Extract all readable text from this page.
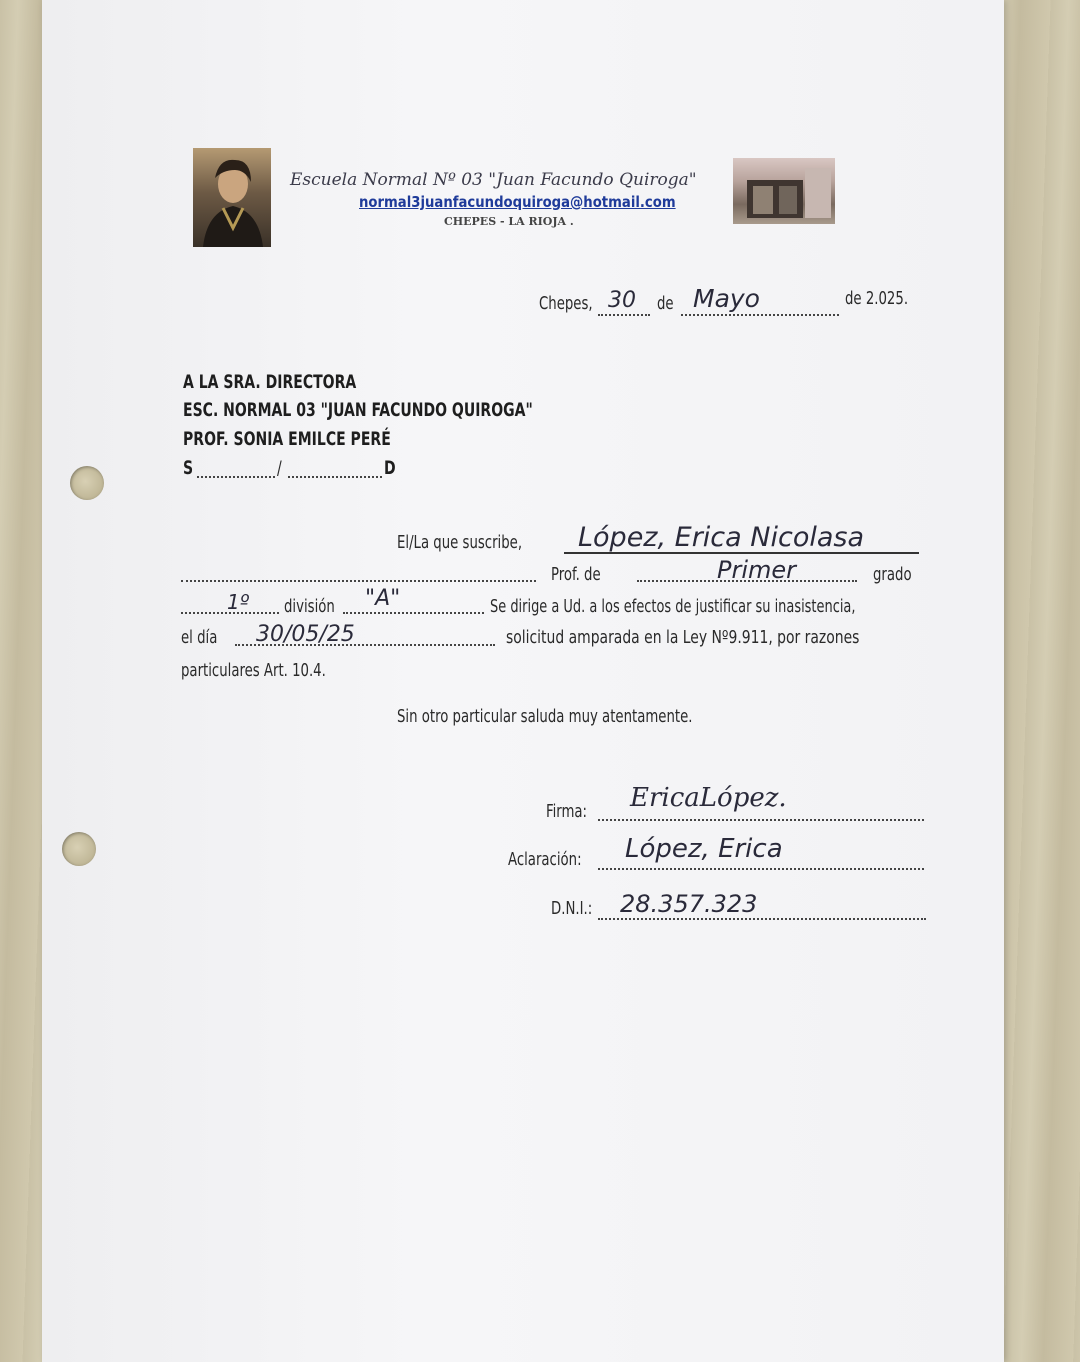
Escuela Normal Nº 03 "Juan Facundo Quiroga"
normal3juanfacundoquiroga@hotmail.com
CHEPES - LA RIOJA .
Chepes, 30 de Mayo	de 2.025.
A LA SRA. DIRECTORA
ESC. NORMAL 03 "JUAN FACUNDO QUIROGA"
PROF. SONIA EMILCE PERÉ
S	/	D
El/La que suscribe, López, Erica Nicolasa
Prof. de	Primer	grado
1º división "A"	Se dirige a Ud. a los efectos de justificar su inasistencia,
el día 30/05/25	solicitud amparada en la Ley Nº9.911, por razones
particulares Art. 10.4.
Sin otro particular saluda muy atentamente.
Firma: EricaLópez.
Aclaración: López, Erica
D.N.I.: 28.357.323
